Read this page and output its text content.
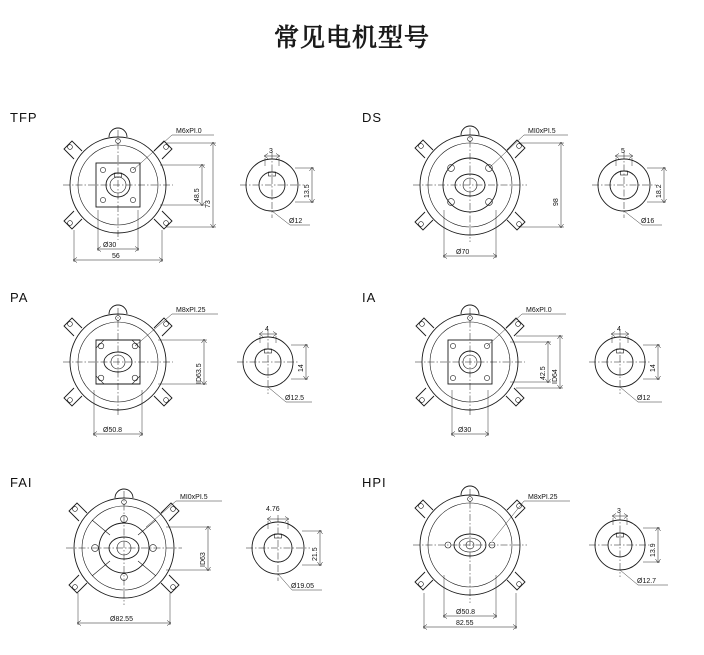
常见电机型号
TFP
M6xPI.0
48.5
73
Ø30
56
3
13.5
Ø12
DS
MI0xPI.5
98
Ø70
5
18.2
Ø16
PA
M8xPI.25
ID63.5
Ø50.8
4
14
Ø12.5
IA
M6xPI.0
42.5 ID64
Ø30
4
14
Ø12
FAI
MI0xPI.5
ID63
Ø82.55
4.76
21.5
Ø19.05
HPI
M8xPI.25
Ø50.8
82.55
3
13.9
Ø12.7
